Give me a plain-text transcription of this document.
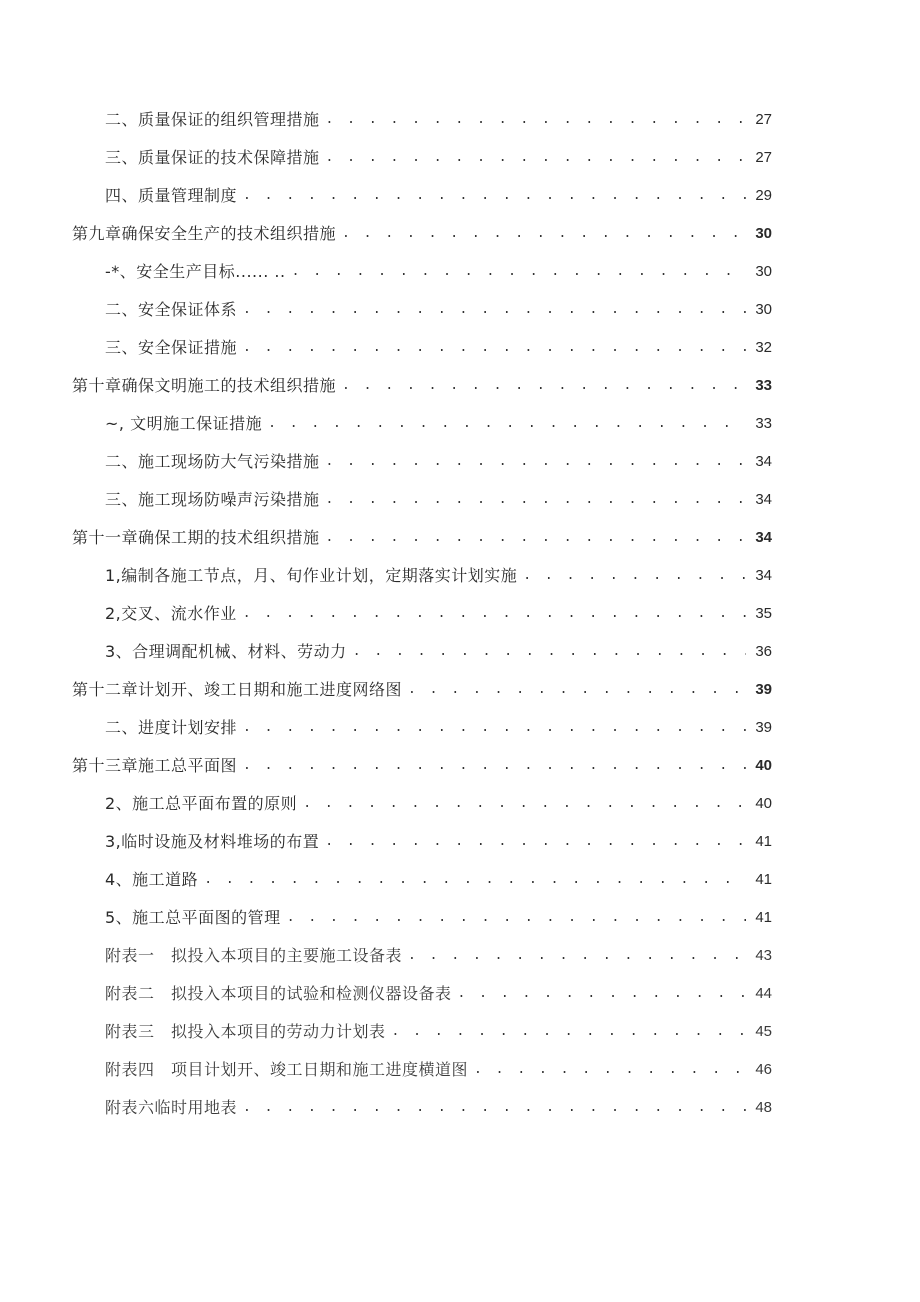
二、质量保证的组织管理措施 . . .	27
三、质量保证的技术保障措施 . . .	27
四、质量管理制度 . . .	29
第九章确保安全生产的技术组织措施 . . .	30
-*、安全生产目标...... .. . . .	30
二、安全保证体系 . . .	30
三、安全保证措施 . . .	32
第十章确保文明施工的技术组织措施 . . .	33
~, 文明施工保证措施 . . .	33
二、施工现场防大气污染措施 . . .	34
三、施工现场防噪声污染措施 . . .	34
第十一章确保工期的技术组织措施 . . .	34
1,编制各施工节点，月、旬作业计划，定期落实计划实施 . . .	34
2,交叉、流水作业 . . .	35
3、合理调配机械、材料、劳动力 . . .	36
第十二章计划开、竣工日期和施工进度网络图 . . .	39
二、进度计划安排 . . .	39
第十三章施工总平面图 . . .	40
2、施工总平面布置的原则 . . .	40
3,临时设施及材料堆场的布置 . . .	41
4、施工道路 . . .	41
5、施工总平面图的管理 . . .	41
附表一　拟投入本项目的主要施工设备表 . . .	43
附表二　拟投入本项目的试验和检测仪器设备表 . . .	44
附表三　拟投入本项目的劳动力计划表 . . .	45
附表四　项目计划开、竣工日期和施工进度横道图 . . .	46
附表六临时用地表 . . .	48
